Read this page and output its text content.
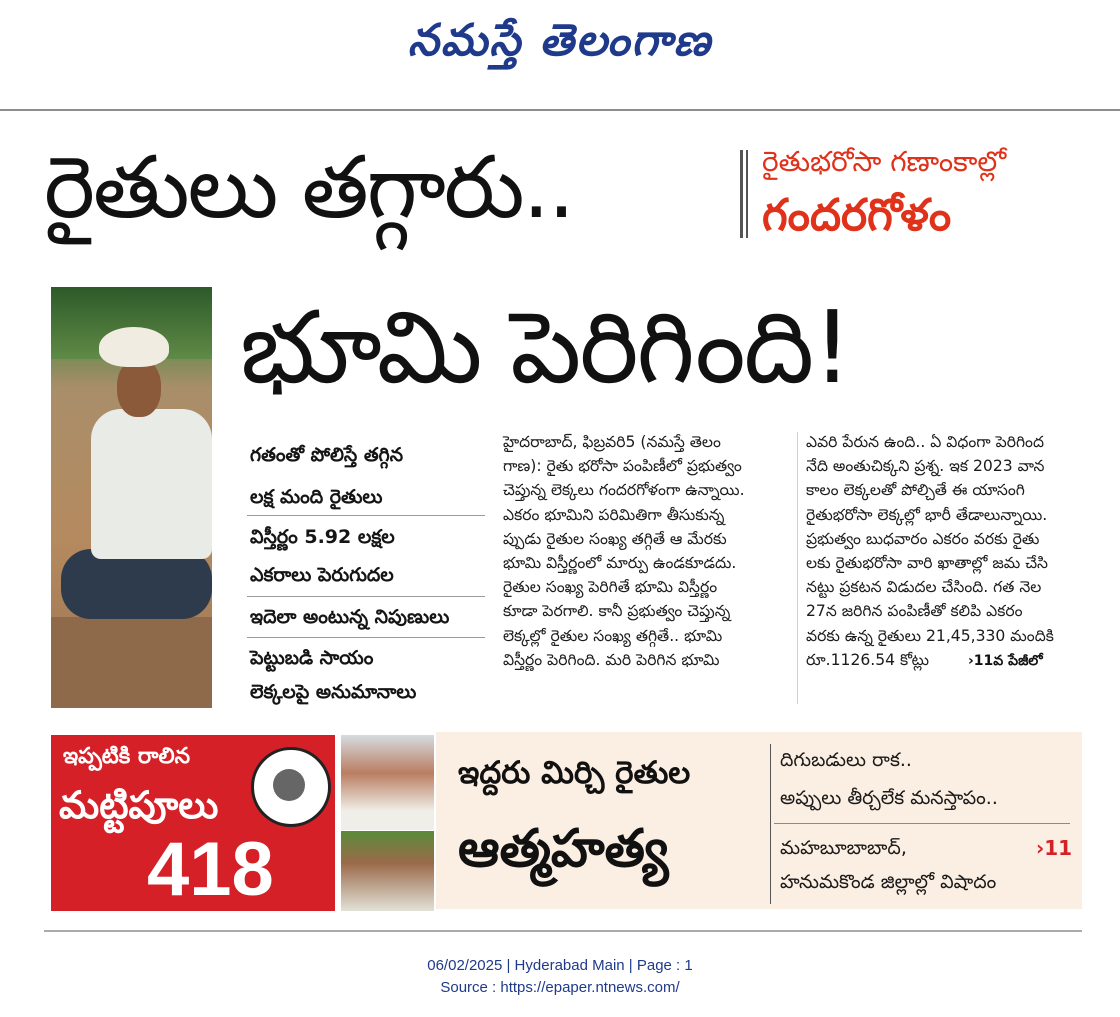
నమస్తే తెలంగాణ
రైతులు తగ్గారు..	రైతుభరోసా గణాంకాల్లో
గందరగోళం
భూమి పెరిగింది!
గతంతో పోలిస్తే తగ్గిన
లక్ష మంది రైతులు
విస్తీర్ణం 5.92 లక్షల
ఎకరాలు పెరుగుదల
ఇదెలా అంటున్న నిపుణులు
పెట్టుబడి సాయం
లెక్కలపై అనుమానాలు
హైదరాబాద్, ఫిబ్రవరి5 (నమస్తే తెలం
గాణ): రైతు భరోసా పంపిణీలో ప్రభుత్వం
చెప్తున్న లెక్కలు గందరగోళంగా ఉన్నాయి.
ఎకరం భూమిని పరిమితిగా తీసుకున్న
ప్పుడు రైతుల సంఖ్య తగ్గితే ఆ మేరకు
భూమి విస్తీర్ణంలో మార్పు ఉండకూడదు.
రైతుల సంఖ్య పెరిగితే భూమి విస్తీర్ణం
కూడా పెరగాలి. కానీ ప్రభుత్వం చెప్తున్న
లెక్కల్లో రైతుల సంఖ్య తగ్గితే.. భూమి
విస్తీర్ణం పెరిగింది. మరి పెరిగిన భూమి
ఎవరి పేరున ఉంది.. ఏ విధంగా పెరిగింద
నేది అంతుచిక్కని ప్రశ్న. ఇక 2023 వాన
కాలం లెక్కలతో పోల్చితే ఈ యాసంగి
రైతుభరోసా లెక్కల్లో భారీ తేడాలున్నాయి.
ప్రభుత్వం బుధవారం ఎకరం వరకు రైతు
లకు రైతుభరోసా వారి ఖాతాల్లో జమ చేసి
నట్టు ప్రకటన విడుదల చేసింది. గత నెల
27న జరిగిన పంపిణీతో కలిపి ఎకరం
వరకు ఉన్న రైతులు 21,45,330 మందికి
రూ.1126.54 కోట్లు	›11వ పేజీలో
ఇప్పటికి రాలిన
మట్టిపూలు
418
ఇద్దరు మిర్చి రైతుల
ఆత్మహత్య
దిగుబడులు రాక..
అప్పులు తీర్చలేక మనస్తాపం..
మహబూబాబాద్,
హనుమకొండ జిల్లాల్లో విషాదం
›11
06/02/2025 | Hyderabad Main | Page : 1
Source : https://epaper.ntnews.com/
